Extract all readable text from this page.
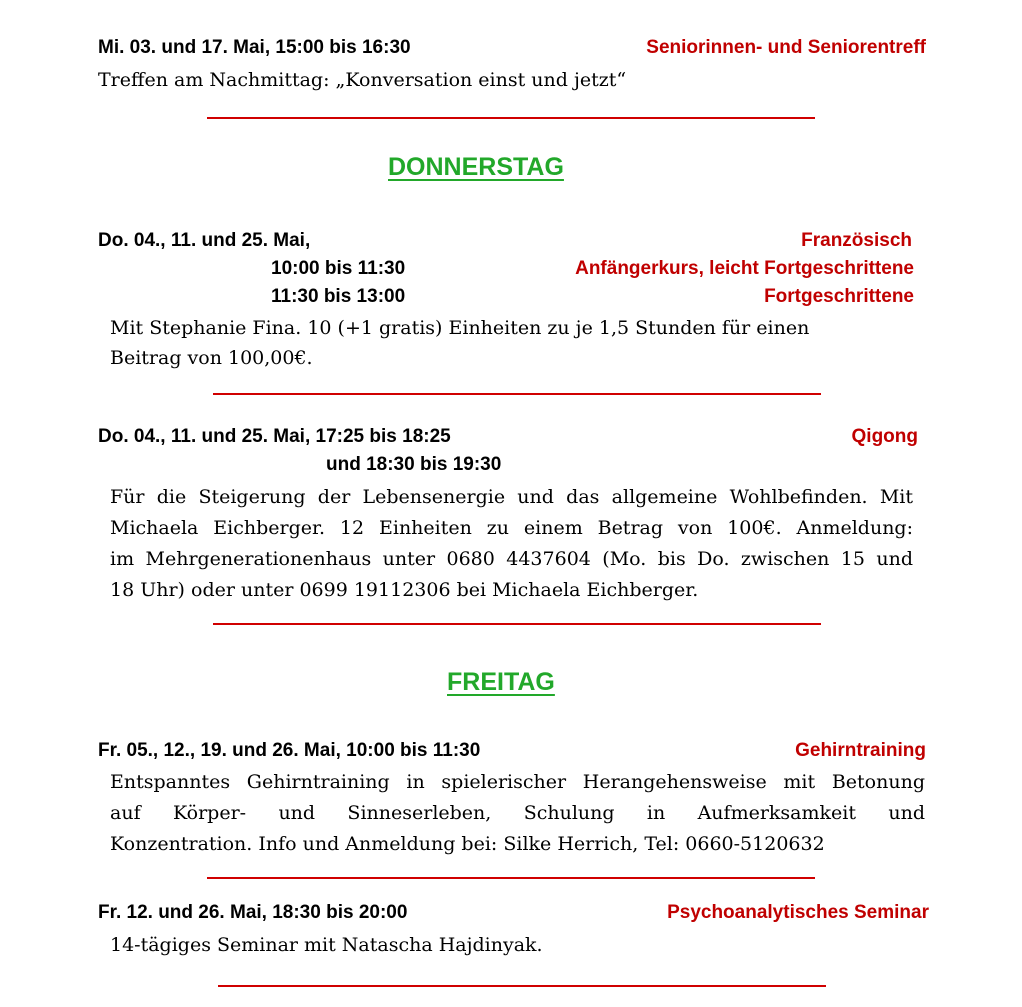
Mi. 03. und 17. Mai, 15:00 bis 16:30	Seniorinnen- und Seniorentreff
Treffen am Nachmittag: „Konversation einst und jetzt“
DONNERSTAG
Do. 04., 11. und 25. Mai,	Französisch
10:00 bis 11:30	Anfängerkurs, leicht Fortgeschrittene
11:30 bis 13:00	Fortgeschrittene
Mit Stephanie Fina. 10 (+1 gratis) Einheiten zu je 1,5 Stunden für einen
Beitrag von 100,00€.
Do. 04., 11. und 25. Mai, 17:25 bis 18:25	Qigong
und 18:30 bis 19:30
Für die Steigerung der Lebensenergie und das allgemeine Wohlbefinden. Mit
Michaela Eichberger. 12 Einheiten zu einem Betrag von 100€. Anmeldung:
im Mehrgenerationenhaus unter 0680 4437604 (Mo. bis Do. zwischen 15 und
18 Uhr) oder unter 0699 19112306 bei Michaela Eichberger.
FREITAG
Fr. 05., 12., 19. und 26. Mai, 10:00 bis 11:30	Gehirntraining
Entspanntes Gehirntraining in spielerischer Herangehensweise mit Betonung
auf Körper- und Sinneserleben, Schulung in Aufmerksamkeit und
Konzentration. Info und Anmeldung bei: Silke Herrich, Tel: 0660-5120632
Fr. 12. und 26. Mai, 18:30 bis 20:00	Psychoanalytisches Seminar
14-tägiges Seminar mit Natascha Hajdinyak.
